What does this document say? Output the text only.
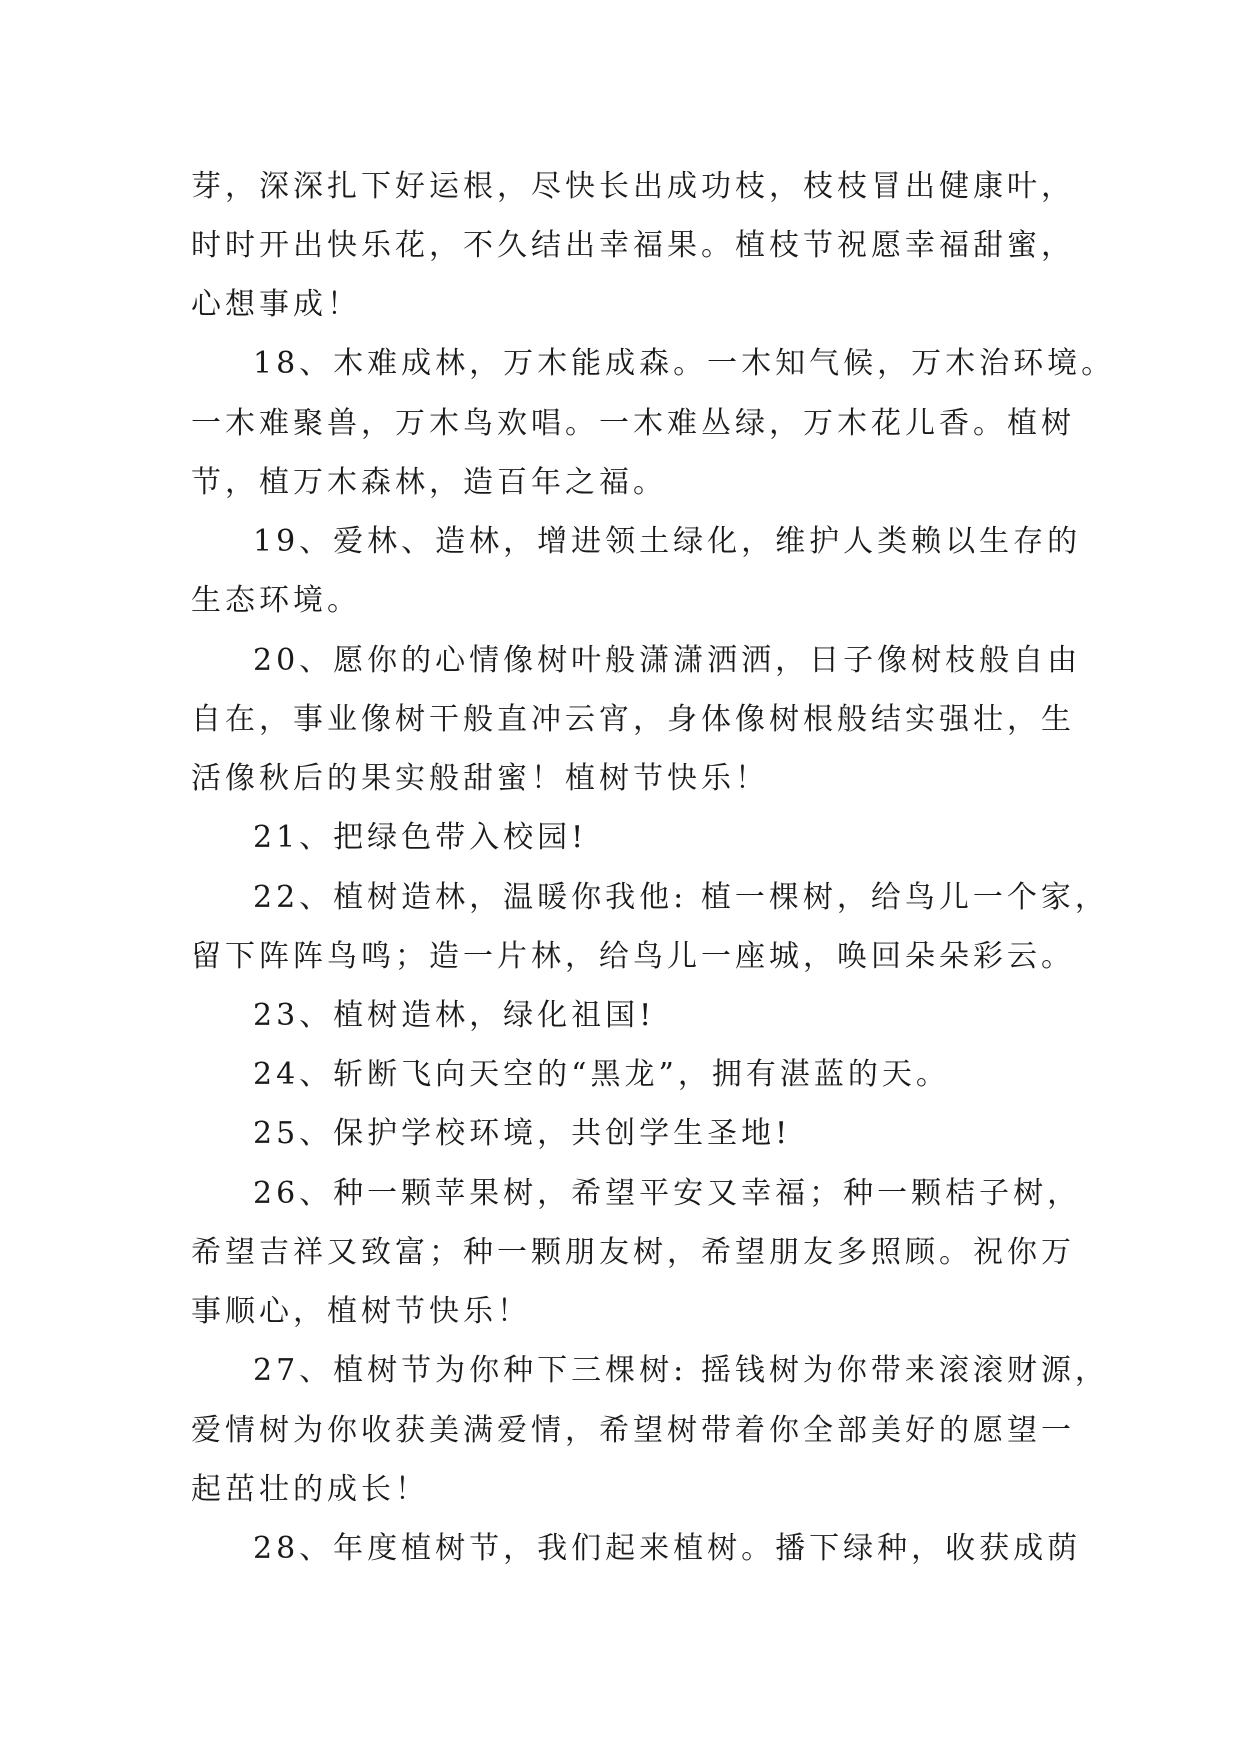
芽，深深扎下好运根，尽快长出成功枝，枝枝冒出健康叶，
时时开出快乐花，不久结出幸福果。植枝节祝愿幸福甜蜜，
心想事成！
18、木难成林，万木能成森。一木知气候，万木治环境。
一木难聚兽，万木鸟欢唱。一木难丛绿，万木花儿香。植树
节，植万木森林，造百年之福。
19、爱林、造林，增进领土绿化，维护人类赖以生存的
生态环境。
20、愿你的心情像树叶般潇潇洒洒，日子像树枝般自由
自在，事业像树干般直冲云宵，身体像树根般结实强壮，生
活像秋后的果实般甜蜜！植树节快乐！
21、把绿色带入校园!
22、植树造林，温暖你我他: 植一棵树，给鸟儿一个家，
留下阵阵鸟鸣；造一片林，给鸟儿一座城，唤回朵朵彩云。
23、植树造林，绿化祖国!
24、斩断飞向天空的“黑龙”，拥有湛蓝的天。
25、保护学校环境，共创学生圣地!
26、种一颗苹果树，希望平安又幸福；种一颗桔子树，
希望吉祥又致富；种一颗朋友树，希望朋友多照顾。祝你万
事顺心，植树节快乐！
27、植树节为你种下三棵树: 摇钱树为你带来滚滚财源，
爱情树为你收获美满爱情，希望树带着你全部美好的愿望一
起茁壮的成长！
28、年度植树节，我们起来植树。播下绿种，收获成荫
